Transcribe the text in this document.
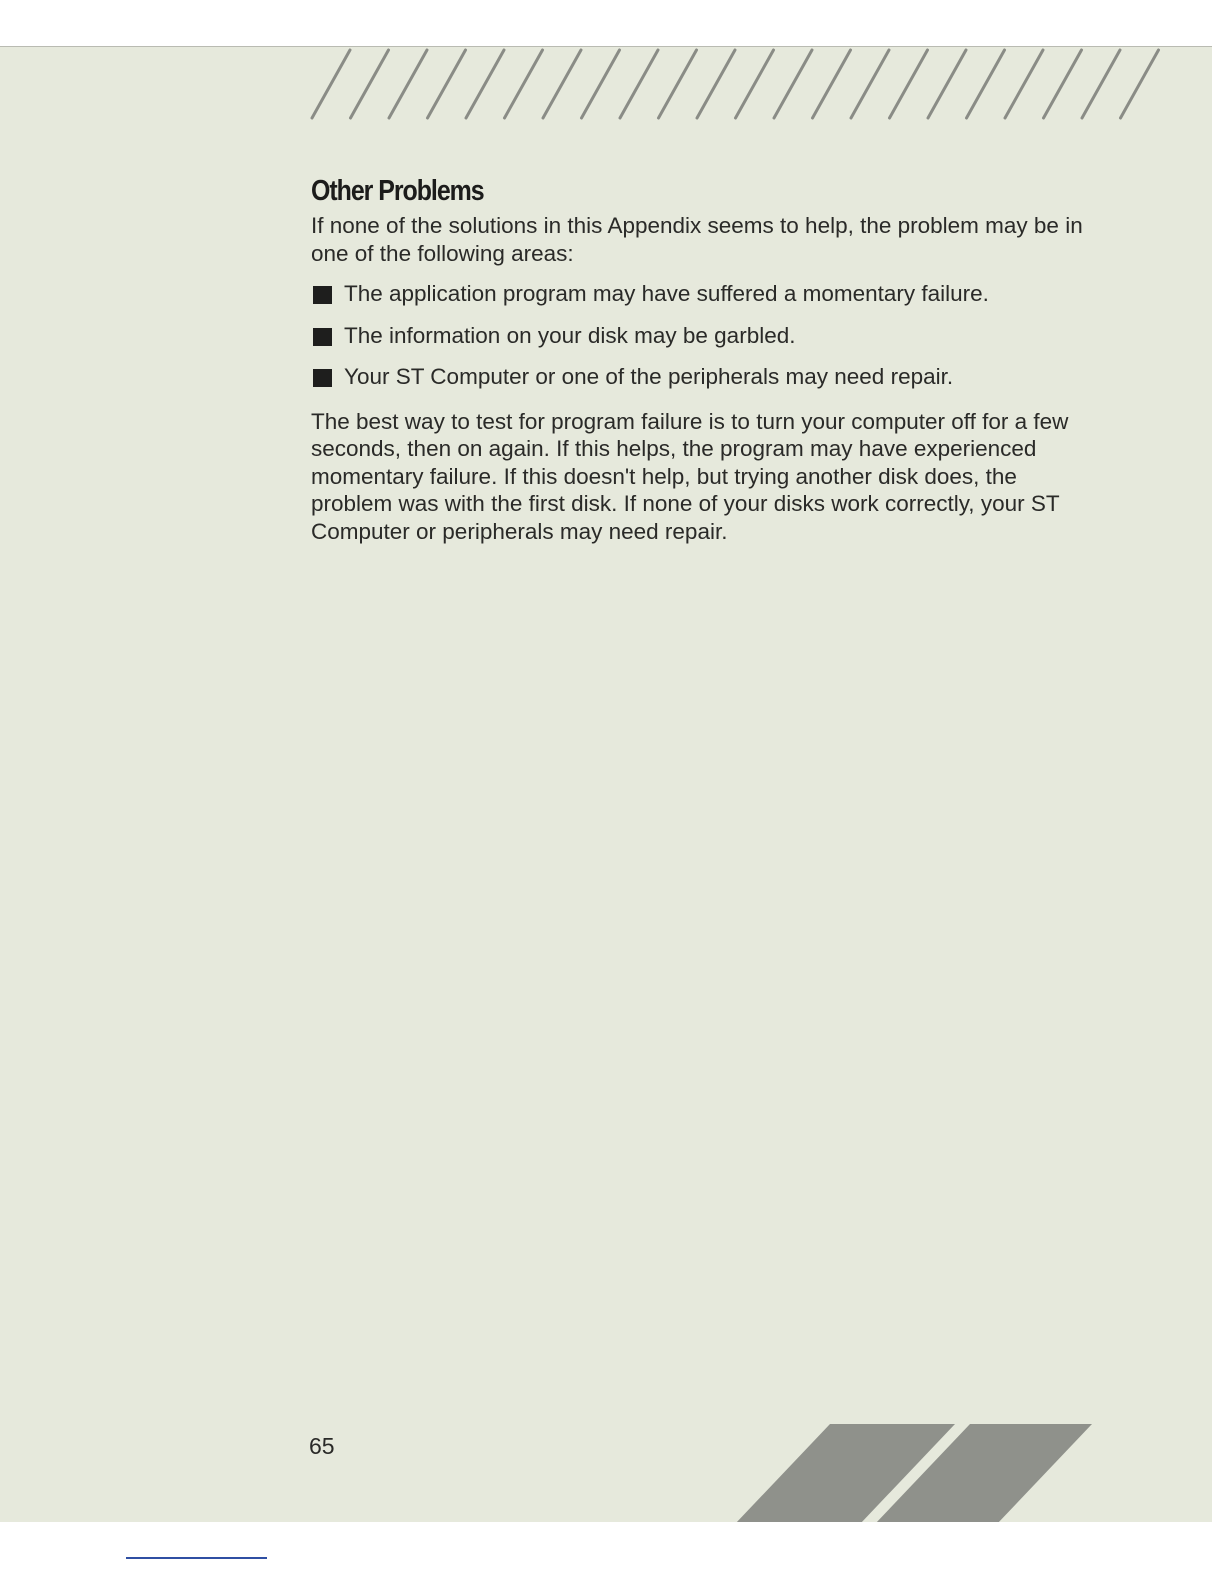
Other Problems

If none of the solutions in this Appendix seems to help, the problem may be in one of the following areas:

The application program may have suffered a momentary failure.
The information on your disk may be garbled.
Your ST Computer or one of the peripherals may need repair.

The best way to test for program failure is to turn your computer off for a few seconds, then on again. If this helps, the program may have experienced momentary failure. If this doesn't help, but trying another disk does, the problem was with the first disk. If none of your disks work correctly, your ST Computer or peripherals may need repair.

65
